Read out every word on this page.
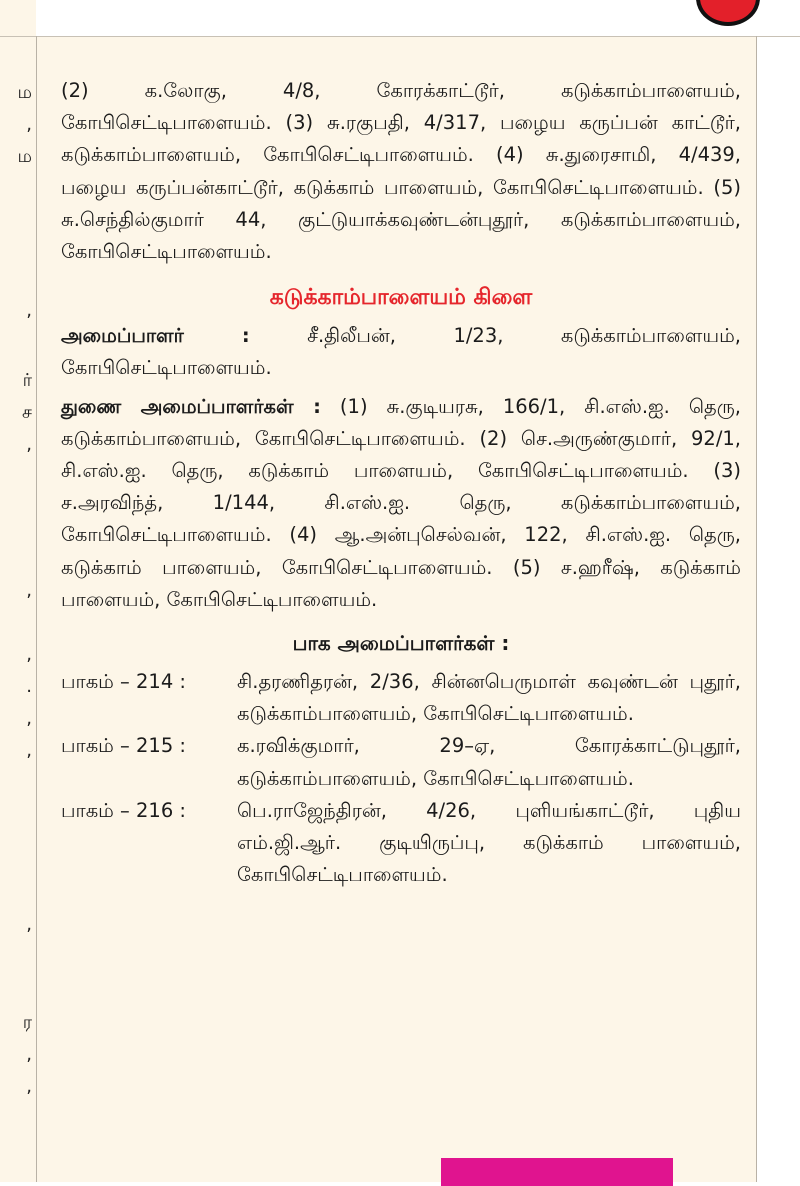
ம
,
ம
,
ர்
ச
,
,
,
.
,
,
,
ர
,
,

(2) க.லோகு, 4/8, கோரக்காட்டூர், கடுக்காம்பாளையம், கோபிசெட்டிபாளையம். (3) சு.ரகுபதி, 4/317, பழைய கருப்பன் காட்டூர், கடுக்காம்பாளையம், கோபிசெட்டிபாளையம். (4) சு.துரைசாமி, 4/439, பழைய கருப்பன்காட்டூர், கடுக்காம் பாளையம், கோபிசெட்டிபாளையம். (5) சு.செந்தில்குமார் 44, குட்டுயாக்கவுண்டன்புதூர், கடுக்காம்பாளையம், கோபிசெட்டிபாளையம்.

கடுக்காம்பாளையம் கிளை

அமைப்பாளர் : சீ.திலீபன், 1/23, கடுக்காம்பாளையம், கோபிசெட்டிபாளையம்.

துணை அமைப்பாளர்கள் : (1) சு.குடியரசு, 166/1, சி.எஸ்.ஐ. தெரு, கடுக்காம்பாளையம், கோபிசெட்டிபாளையம். (2) செ.அருண்குமார், 92/1, சி.எஸ்.ஐ. தெரு, கடுக்காம் பாளையம், கோபிசெட்டிபாளையம். (3) ச.அரவிந்த், 1/144, சி.எஸ்.ஐ. தெரு, கடுக்காம்பாளையம், கோபிசெட்டிபாளையம். (4) ஆ.அன்புசெல்வன், 122, சி.எஸ்.ஐ. தெரு, கடுக்காம் பாளையம், கோபிசெட்டிபாளையம். (5) ச.ஹரீஷ், கடுக்காம் பாளையம், கோபிசெட்டிபாளையம்.

பாக அமைப்பாளர்கள் :
பாகம் – 214 :	சி.தரணிதரன், 2/36, சின்னபெருமாள் கவுண்டன் புதூர், கடுக்காம்பாளையம், கோபிசெட்டிபாளையம்.
பாகம் – 215 :	க.ரவிக்குமார், 29–ஏ, கோரக்காட்டுபுதூர், கடுக்காம்பாளையம், கோபிசெட்டிபாளையம்.
பாகம் – 216 :	பெ.ராஜேந்திரன், 4/26, புளியங்காட்டூர், புதிய எம்.ஜி.ஆர். குடியிருப்பு, கடுக்காம் பாளையம், கோபிசெட்டிபாளையம்.
